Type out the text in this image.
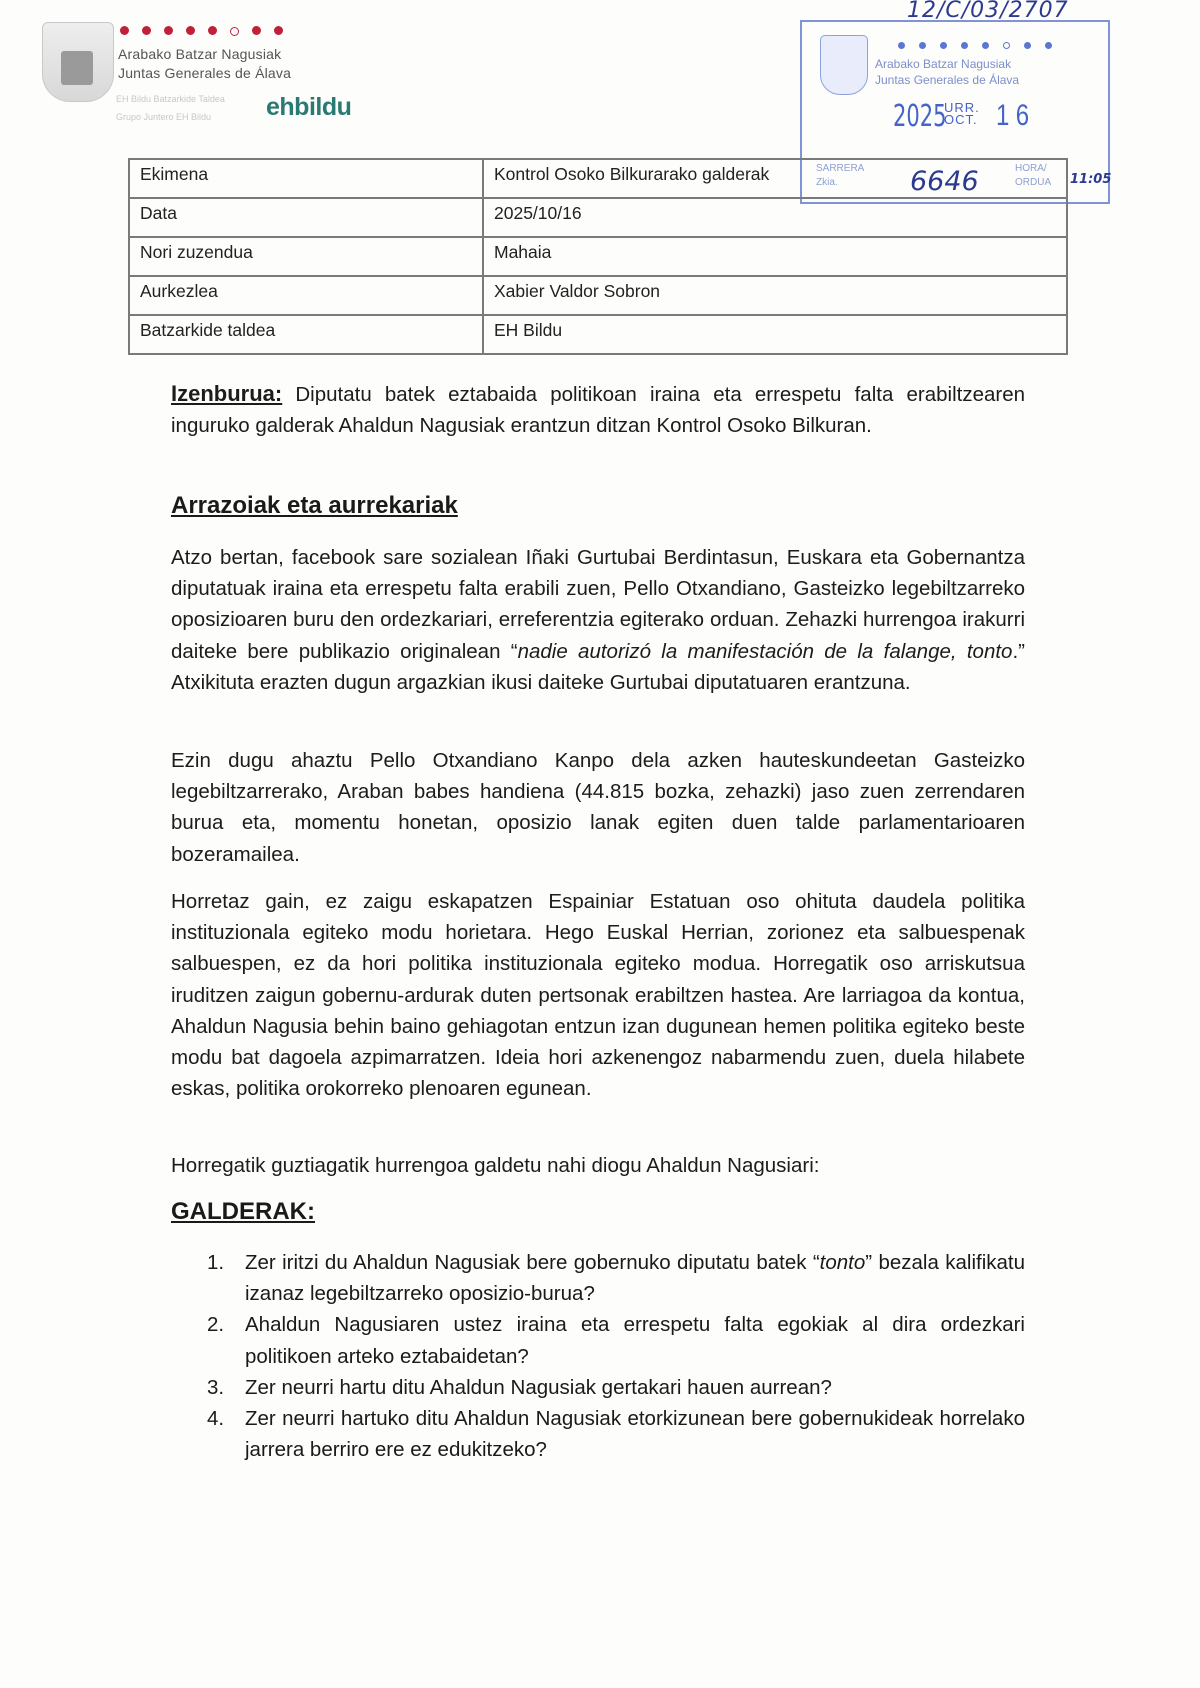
Arabako Batzar Nagusiak
Juntas Generales de Álava
EH Bildu Batzarkide Taldea
Grupo Juntero EH Bildu ehbildu
12/C/03/2707
Arabako Batzar Nagusiak
Juntas Generales de Álava
2025
URR.
OCT. 16
SARRERA
Zkia.	6646	HORA/
ORDUA 11:05
Ekimena	Kontrol Osoko Bilkurarako galderak
Data	2025/10/16
Nori zuzendua	Mahaia
Aurkezlea	Xabier Valdor Sobron
Batzarkide taldea	EH Bildu
Izenburua: Diputatu batek eztabaida politikoan iraina eta errespetu falta erabiltzearen inguruko galderak Ahaldun Nagusiak erantzun ditzan Kontrol Osoko Bilkuran.
Arrazoiak eta aurrekariak
Atzo bertan, facebook sare sozialean Iñaki Gurtubai Berdintasun, Euskara eta Gobernantza diputatuak iraina eta errespetu falta erabili zuen, Pello Otxandiano, Gasteizko legebiltzarreko oposizioaren buru den ordezkariari, erreferentzia egiterako orduan. Zehazki hurrengoa irakurri daiteke bere publikazio originalean “nadie autorizó la manifestación de la falange, tonto.” Atxikituta erazten dugun argazkian ikusi daiteke Gurtubai diputatuaren erantzuna.
Ezin dugu ahaztu Pello Otxandiano Kanpo dela azken hauteskundeetan Gasteizko legebiltzarrerako, Araban babes handiena (44.815 bozka, zehazki) jaso zuen zerrendaren burua eta, momentu honetan, oposizio lanak egiten duen talde parlamentarioaren bozeramailea.
Horretaz gain, ez zaigu eskapatzen Espainiar Estatuan oso ohituta daudela politika instituzionala egiteko modu horietara. Hego Euskal Herrian, zorionez eta salbuespenak salbuespen, ez da hori politika instituzionala egiteko modua. Horregatik oso arriskutsua iruditzen zaigun gobernu-ardurak duten pertsonak erabiltzen hastea. Are larriagoa da kontua, Ahaldun Nagusia behin baino gehiagotan entzun izan dugunean hemen politika egiteko beste modu bat dagoela azpimarratzen. Ideia hori azkenengoz nabarmendu zuen, duela hilabete eskas, politika orokorreko plenoaren egunean.
Horregatik guztiagatik hurrengoa galdetu nahi diogu Ahaldun Nagusiari:
GALDERAK:
1. Zer iritzi du Ahaldun Nagusiak bere gobernuko diputatu batek “tonto” bezala kalifikatu izanaz legebiltzarreko oposizio-burua?
2. Ahaldun Nagusiaren ustez iraina eta errespetu falta egokiak al dira ordezkari politikoen arteko eztabaidetan?
3. Zer neurri hartu ditu Ahaldun Nagusiak gertakari hauen aurrean?
4. Zer neurri hartuko ditu Ahaldun Nagusiak etorkizunean bere gobernukideak horrelako jarrera berriro ere ez edukitzeko?
